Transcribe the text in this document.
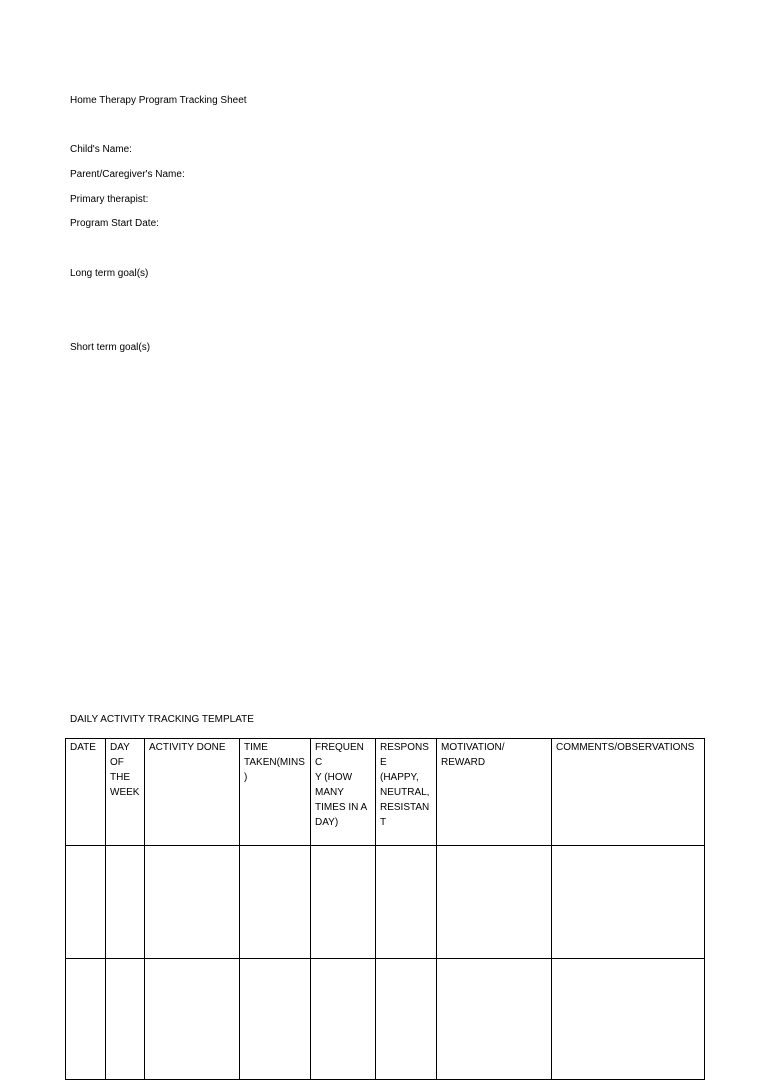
Home Therapy Program Tracking Sheet
Child's Name:
Parent/Caregiver's Name:
Primary therapist:
Program Start Date:
Long term goal(s)
Short term goal(s)
DAILY ACTIVITY TRACKING TEMPLATE
DATE	DAY
OF
THE
WEEK	ACTIVITY DONE	TIME
TAKEN(MINS)	FREQUENC
Y (HOW
MANY
TIMES IN A
DAY)	RESPONSE
(HAPPY,
NEUTRAL,
RESISTANT	MOTIVATION/
REWARD	COMMENTS/OBSERVATIONS
